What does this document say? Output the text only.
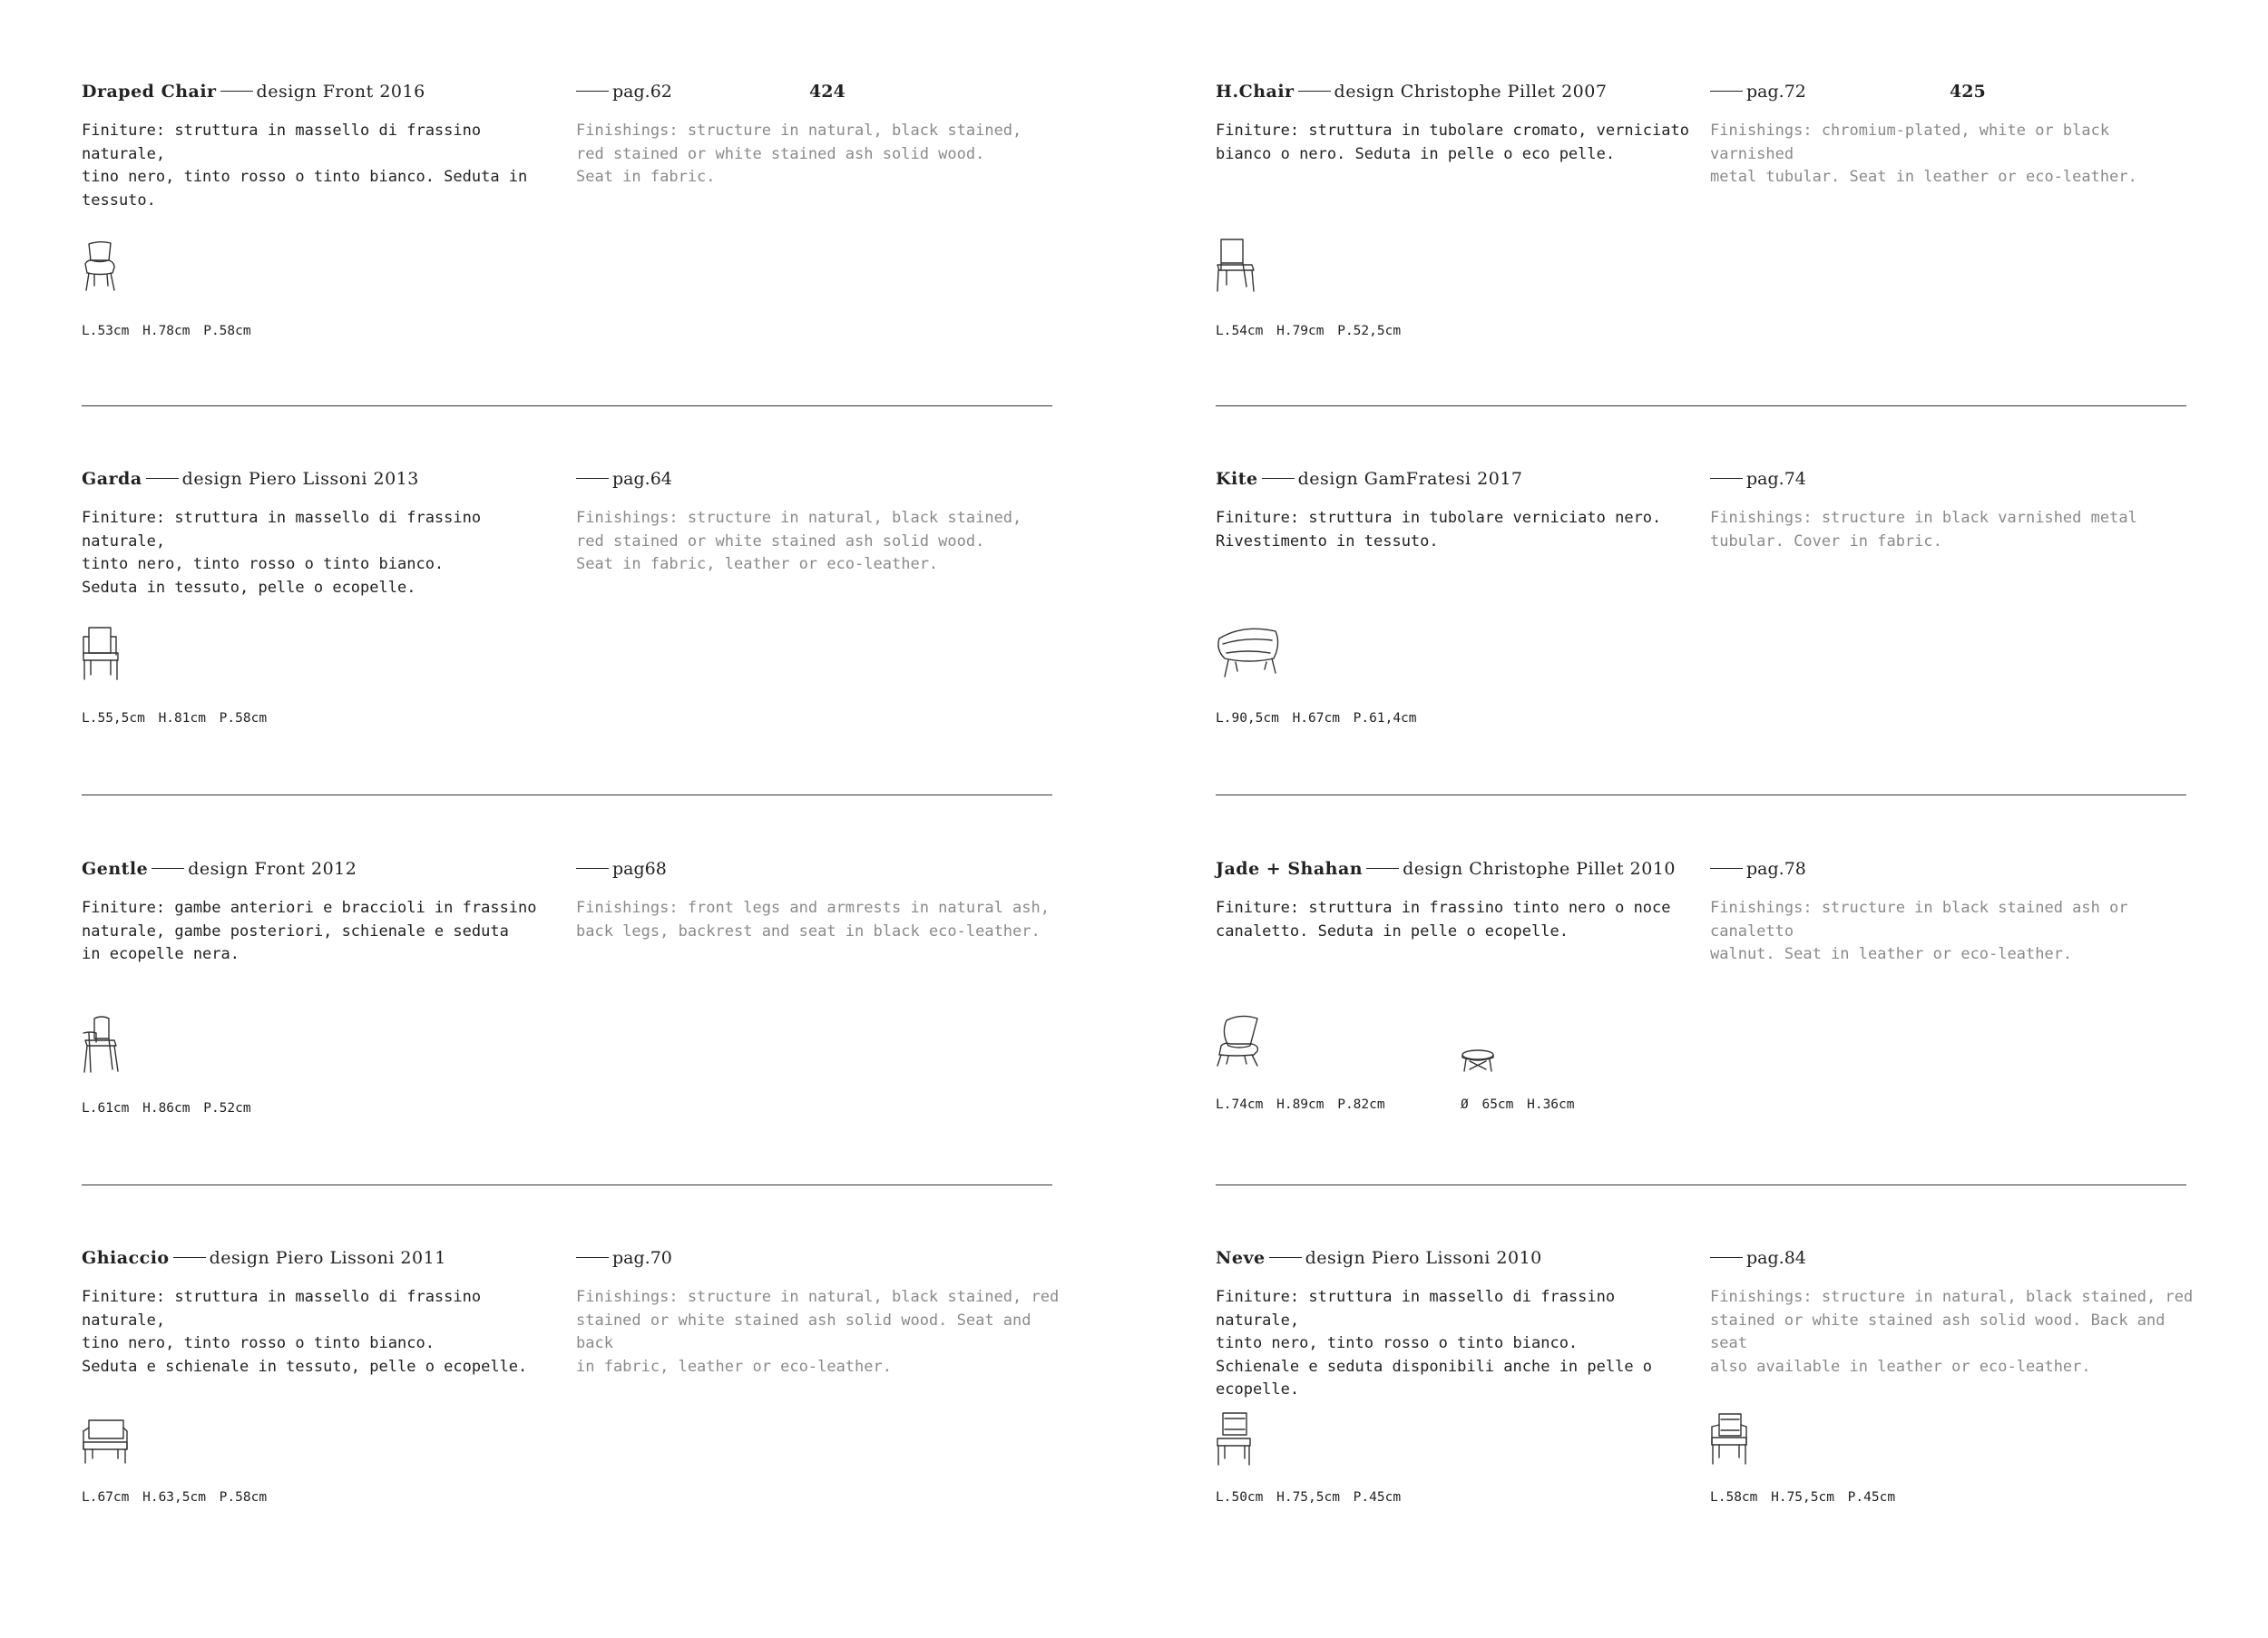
424
Draped Chair design Front 2016	pag.62
Finiture: struttura in massello di frassino naturale,
tino nero, tinto rosso o tinto bianco. Seduta in tessuto.
Finishings: structure in natural, black stained,
red stained or white stained ash solid wood.
Seat in fabric.
L.53cm H.78cm P.58cm
Garda design Piero Lissoni 2013	pag.64
Finiture: struttura in massello di frassino naturale,
tinto nero, tinto rosso o tinto bianco.
Seduta in tessuto, pelle o ecopelle.
Finishings: structure in natural, black stained,
red stained or white stained ash solid wood.
Seat in fabric, leather or eco-leather.
L.55,5cm H.81cm P.58cm
Gentle design Front 2012	pag68
Finiture: gambe anteriori e braccioli in frassino
naturale, gambe posteriori, schienale e seduta
in ecopelle nera.
Finishings: front legs and armrests in natural ash,
back legs, backrest and seat in black eco-leather.
L.61cm H.86cm P.52cm
Ghiaccio design Piero Lissoni 2011	pag.70
Finiture: struttura in massello di frassino naturale,
tino nero, tinto rosso o tinto bianco.
Seduta e schienale in tessuto, pelle o ecopelle.
Finishings: structure in natural, black stained, red
stained or white stained ash solid wood. Seat and back
in fabric, leather or eco-leather.
L.67cm H.63,5cm P.58cm
425
H.Chair design Christophe Pillet 2007	pag.72
Finiture: struttura in tubolare cromato, verniciato
bianco o nero. Seduta in pelle o eco pelle.
Finishings: chromium-plated, white or black varnished
metal tubular. Seat in leather or eco-leather.
L.54cm H.79cm P.52,5cm
Kite design GamFratesi 2017	pag.74
Finiture: struttura in tubolare verniciato nero.
Rivestimento in tessuto.
Finishings: structure in black varnished metal
tubular. Cover in fabric.
L.90,5cm H.67cm P.61,4cm
Jade + Shahan design Christophe Pillet 2010	pag.78
Finiture: struttura in frassino tinto nero o noce
canaletto. Seduta in pelle o ecopelle.
Finishings: structure in black stained ash or canaletto
walnut. Seat in leather or eco-leather.
L.74cm H.89cm P.82cm	Ø 65cm H.36cm
Neve design Piero Lissoni 2010	pag.84
Finiture: struttura in massello di frassino naturale,
tinto nero, tinto rosso o tinto bianco.
Schienale e seduta disponibili anche in pelle o ecopelle.
Finishings: structure in natural, black stained, red
stained or white stained ash solid wood. Back and seat
also available in leather or eco-leather.
L.50cm H.75,5cm P.45cm	L.58cm H.75,5cm P.45cm
